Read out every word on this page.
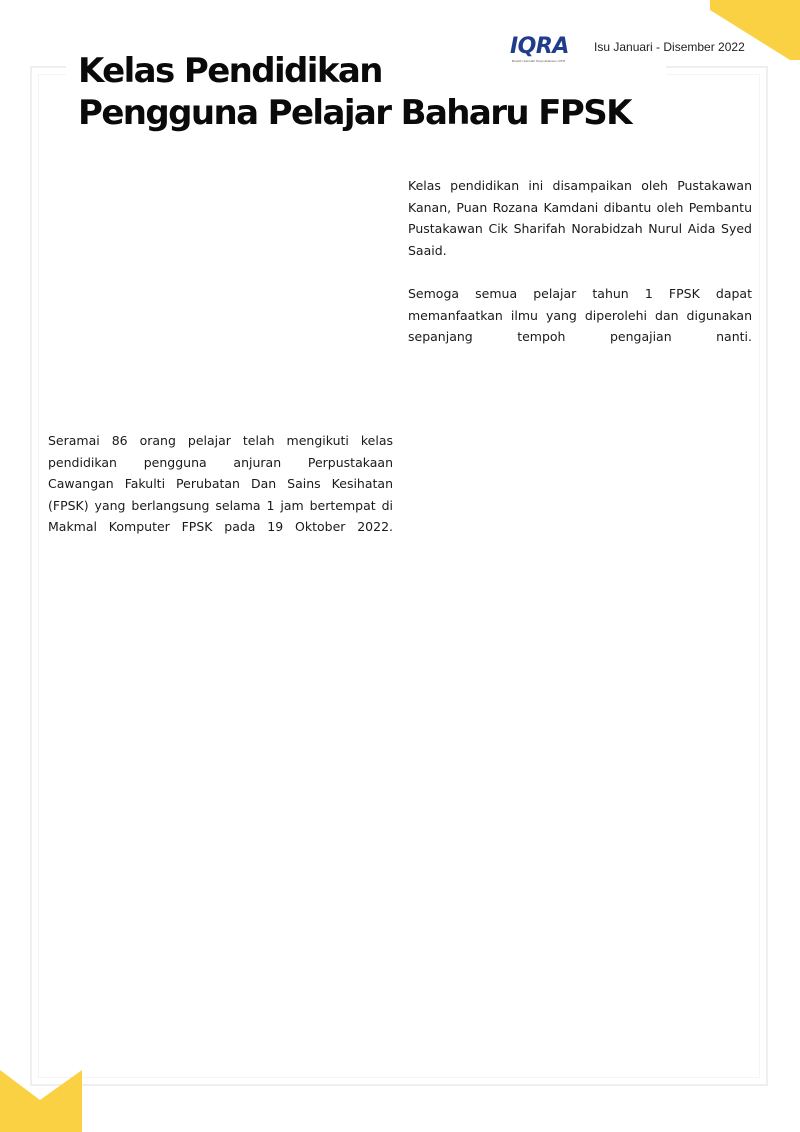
IQRA
Buletin Sekolah Perpustakaan UiTM
Isu Januari - Disember 2022
Kelas Pendidikan
Pengguna Pelajar Baharu FPSK

Kelas pendidikan ini disampaikan oleh Pustakawan Kanan, Puan Rozana Kamdani dibantu oleh Pembantu Pustakawan Cik Sharifah Norabidzah Nurul Aida Syed Saaid.

Semoga semua pelajar tahun 1 FPSK dapat memanfaatkan ilmu yang diperolehi dan digunakan sepanjang tempoh pengajian nanti.

Seramai 86 orang pelajar telah mengikuti kelas pendidikan pengguna anjuran Perpustakaan Cawangan Fakulti Perubatan Dan Sains Kesihatan (FPSK) yang berlangsung selama 1 jam bertempat di Makmal Komputer FPSK pada 19 Oktober 2022.
